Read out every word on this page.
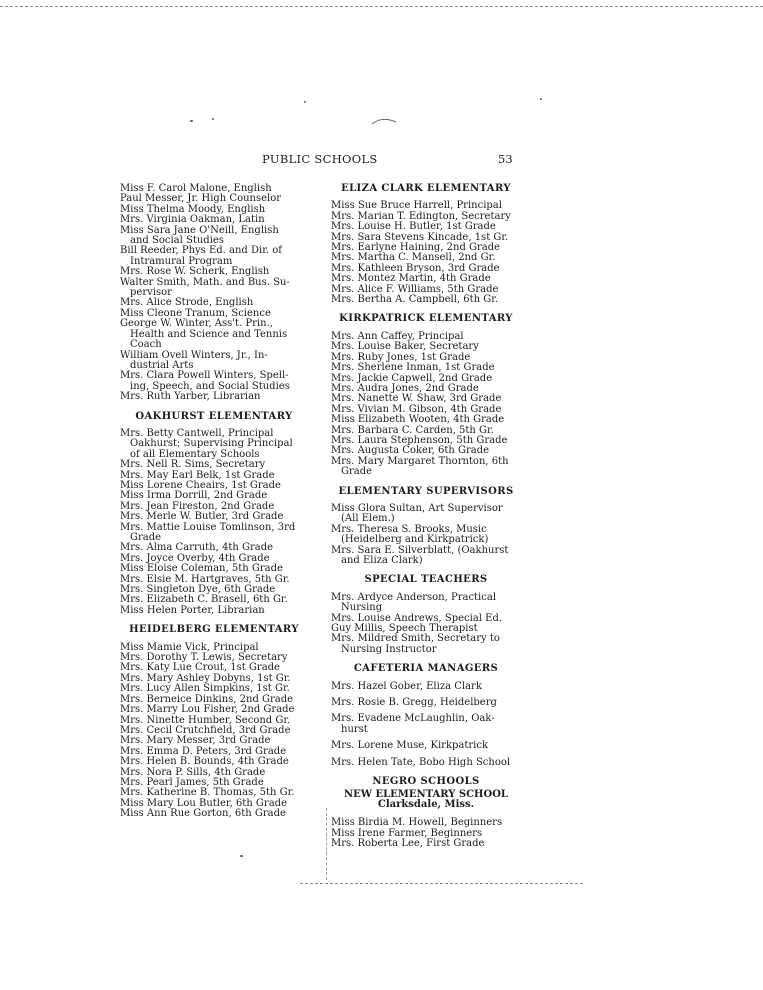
PUBLIC SCHOOLS	53
Miss F. Carol Malone, English
Paul Messer, Jr. High Counselor
Miss Thelma Moody, English
Mrs. Virginia Oakman, Latin
Miss Sara Jane O'Neill, English
and Social Studies
Bill Reeder, Phys Ed. and Dir. of
Intramural Program
Mrs. Rose W. Scherk, English
Walter Smith, Math. and Bus. Su-
pervisor
Mrs. Alice Strode, English
Miss Cleone Tranum, Science
George W. Winter, Ass't. Prin.,
Health and Science and Tennis
Coach
William Ovell Winters, Jr., In-
dustrial Arts
Mrs. Clara Powell Winters, Spell-
ing, Speech, and Social Studies
Mrs. Ruth Yarber, Librarian
OAKHURST ELEMENTARY
Mrs. Betty Cantwell, Principal
Oakhurst; Supervising Principal
of all Elementary Schools
Mrs. Nell R. Sims, Secretary
Mrs. May Earl Belk, 1st Grade
Miss Lorene Cheairs, 1st Grade
Miss Irma Dorrill, 2nd Grade
Mrs. Jean Fireston, 2nd Grade
Mrs. Merle W. Butler, 3rd Grade
Mrs. Mattie Louise Tomlinson, 3rd
Grade
Mrs. Alma Carruth, 4th Grade
Mrs. Joyce Overby, 4th Grade
Miss Eloise Coleman, 5th Grade
Mrs. Elsie M. Hartgraves, 5th Gr.
Mrs. Singleton Dye, 6th Grade
Mrs. Elizabeth C. Brasell, 6th Gr.
Miss Helen Porter, Librarian
HEIDELBERG ELEMENTARY
Miss Mamie Vick, Principal
Mrs. Dorothy T. Lewis, Secretary
Mrs. Katy Lue Crout, 1st Grade
Mrs. Mary Ashley Dobyns, 1st Gr.
Mrs. Lucy Allen Simpkins, 1st Gr.
Mrs. Berneice Dinkins, 2nd Grade
Mrs. Marry Lou Fisher, 2nd Grade
Mrs. Ninette Humber, Second Gr.
Mrs. Cecil Crutchfield, 3rd Grade
Mrs. Mary Messer, 3rd Grade
Mrs. Emma D. Peters, 3rd Grade
Mrs. Helen B. Bounds, 4th Grade
Mrs. Nora P. Sills, 4th Grade
Mrs. Pearl James, 5th Grade
Mrs. Katherine B. Thomas, 5th Gr.
Miss Mary Lou Butler, 6th Grade
Miss Ann Rue Gorton, 6th Grade
ELIZA CLARK ELEMENTARY
Miss Sue Bruce Harrell, Principal
Mrs. Marian T. Edington, Secretary
Mrs. Louise H. Butler, 1st Grade
Mrs. Sara Stevens Kincade, 1st Gr.
Mrs. Earlyne Haining, 2nd Grade
Mrs. Martha C. Mansell, 2nd Gr.
Mrs. Kathleen Bryson, 3rd Grade
Mrs. Montez Martin, 4th Grade
Mrs. Alice F. Williams, 5th Grade
Mrs. Bertha A. Campbell, 6th Gr.
KIRKPATRICK ELEMENTARY
Mrs. Ann Caffey, Principal
Mrs. Louise Baker, Secretary
Mrs. Ruby Jones, 1st Grade
Mrs. Sherlene Inman, 1st Grade
Mrs. Jackie Capwell, 2nd Grade
Mrs. Audra Jones, 2nd Grade
Mrs. Nanette W. Shaw, 3rd Grade
Mrs. Vivian M. Gibson, 4th Grade
Miss Elizabeth Wooten, 4th Grade
Mrs. Barbara C. Carden, 5th Gr.
Mrs. Laura Stephenson, 5th Grade
Mrs. Augusta Coker, 6th Grade
Mrs. Mary Margaret Thornton, 6th
Grade
ELEMENTARY SUPERVISORS
Miss Glora Sultan, Art Supervisor
(All Elem.)
Mrs. Theresa S. Brooks, Music
(Heidelberg and Kirkpatrick)
Mrs. Sara E. Silverblatt, (Oakhurst
and Eliza Clark)
SPECIAL TEACHERS
Mrs. Ardyce Anderson, Practical
Nursing
Mrs. Louise Andrews, Special Ed.
Guy Millis, Speech Therapist
Mrs. Mildred Smith, Secretary to
Nursing Instructor
CAFETERIA MANAGERS
Mrs. Hazel Gober, Eliza Clark
Mrs. Rosie B. Gregg, Heidelberg
Mrs. Evadene McLaughlin, Oak-
hurst
Mrs. Lorene Muse, Kirkpatrick
Mrs. Helen Tate, Bobo High School
NEGRO SCHOOLS
NEW ELEMENTARY SCHOOL
Clarksdale, Miss.
Miss Birdia M. Howell, Beginners
Miss Irene Farmer, Beginners
Mrs. Roberta Lee, First Grade
